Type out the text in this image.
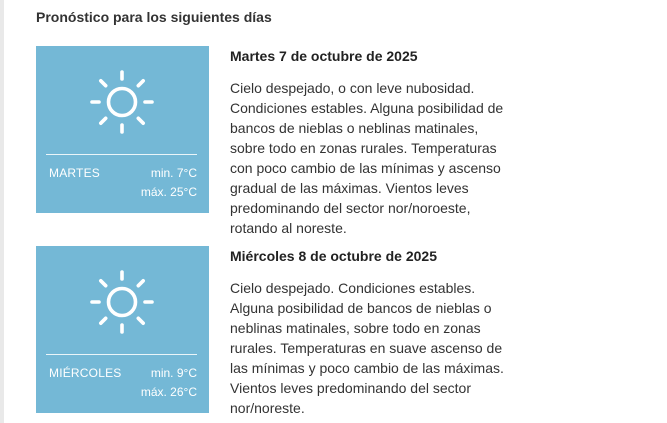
Pronóstico para los siguientes días
MARTES	min. 7°C
máx. 25°C
Martes 7 de octubre de 2025

Cielo despejado, o con leve nubosidad. Condiciones estables. Alguna posibilidad de bancos de nieblas o neblinas matinales, sobre todo en zonas rurales. Temperaturas con poco cambio de las mínimas y ascenso gradual de las máximas. Vientos leves predominando del sector nor/noroeste, rotando al noreste.

MIÉRCOLES min. 9°C
máx. 26°C
Miércoles 8 de octubre de 2025

Cielo despejado. Condiciones estables. Alguna posibilidad de bancos de nieblas o neblinas matinales, sobre todo en zonas rurales. Temperaturas en suave ascenso de las mínimas y poco cambio de las máximas. Vientos leves predominando del sector nor/noreste.
